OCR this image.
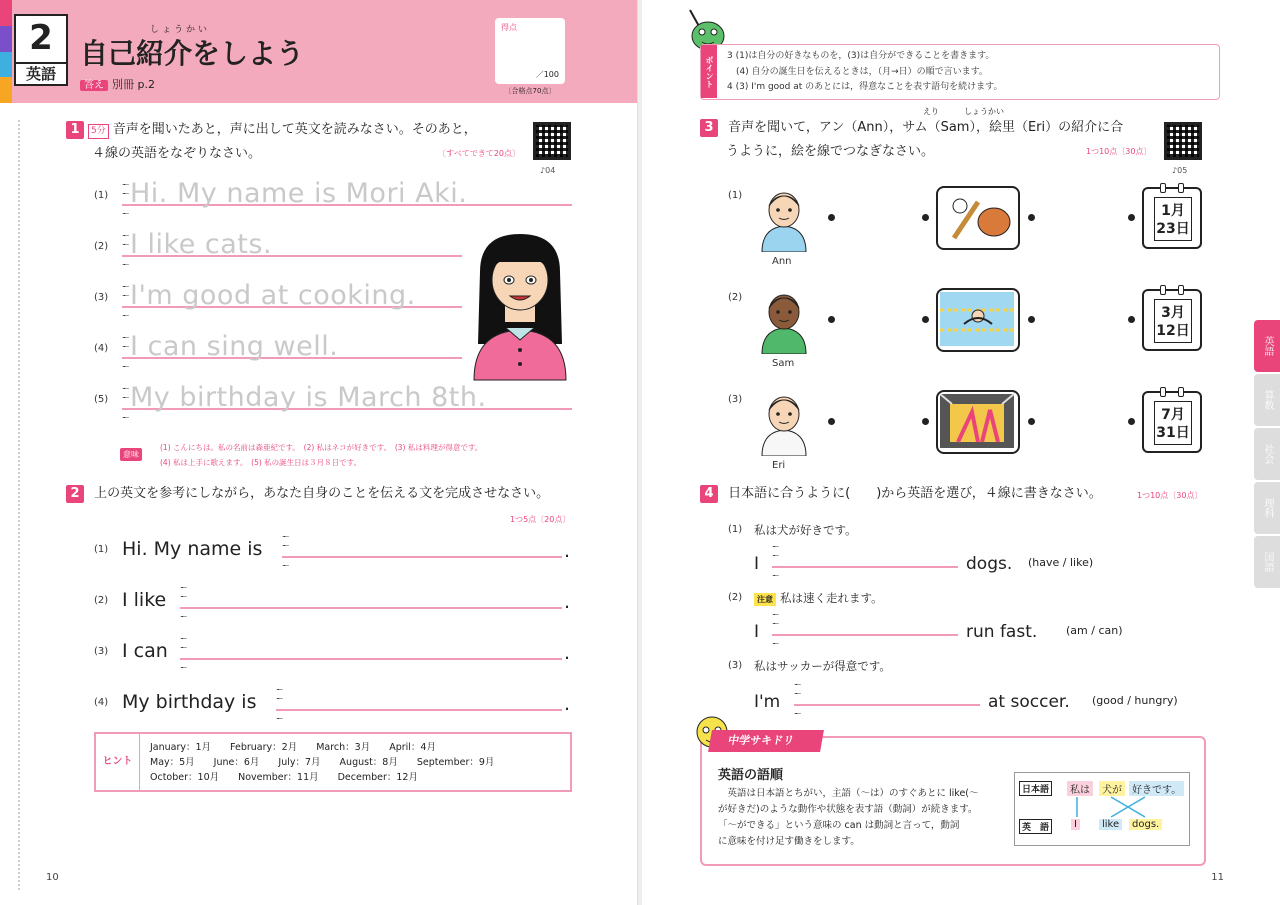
2
英語
しょうかい
自己紹介をしよう
答え 別冊 p.2
得点
／100
〔合格点70点〕
1 5分 音声を聞いたあと，声に出して英文を読みなさい。そのあと，
４線の英語をなぞりなさい。	〔すべてできて20点〕
♪04
意味
(1) こんにちは。私の名前は森亜紀です。　(2) 私はネコが好きです。　(3) 私は料理が得意です。
(4) 私は上手に歌えます。　(5) 私の誕生日は３月８日です。
2 上の英文を参考にしながら，あなた自身のことを伝える文を完成させなさい。
1つ5点〔20点〕
ヒント
January：1月　　February：2月　　March：3月　　April：4月
May：5月　　June：6月　　July：7月　　August：8月　　September：9月
October：10月　　November：11月　　December：12月
10
(1) Hi. My name is Mori Aki.
(2) I like cats.
(3) I'm good at cooking.
(4) I can sing well.
(5) My birthday is March 8th.
(1) Hi. My name is	.
(2) I like	.
(3) I can	.
(4) My birthday is	.
ポイント	3 (1)は自分の好きなものを，(3)は自分ができることを書きます。
　(4) 自分の誕生日を伝えるときは，（月→日）の順で言います。
4 (3) I'm good at のあとには，得意なことを表す語句を続けます。
えり	しょうかい
3 音声を聞いて，アン（Ann），サム（Sam），絵里（Eri）の紹介に合
うように，絵を線でつなぎなさい。	1つ10点〔30点〕
♪05
4 日本語に合うように(　　)から英語を選び，４線に書きなさい。	1つ10点〔30点〕
中学サキドリ
英語の語順
　英語は日本語とちがい，主語（～は）のすぐあとに like(～
が好きだ)のような動作や状態を表す語（動詞）が続きます。
「～ができる」という意味の can は動詞と言って，動詞
に意味を付け足す働きをします。
日本語
英　語
私は	犬が	好きです。
I	like	dogs.
英語
算数
社会
理科
国語
11
(1)
Ann
1月
23日
(2)
Sam
3月
12日
(3)
Eri
7月
31日
(1) 私は犬が好きです。
I	dogs. (have / like)
(2)	注意 私は速く走れます。
I	run fast.	(am / can)
(3) 私はサッカーが得意です。
I'm	at soccer. (good / hungry)
